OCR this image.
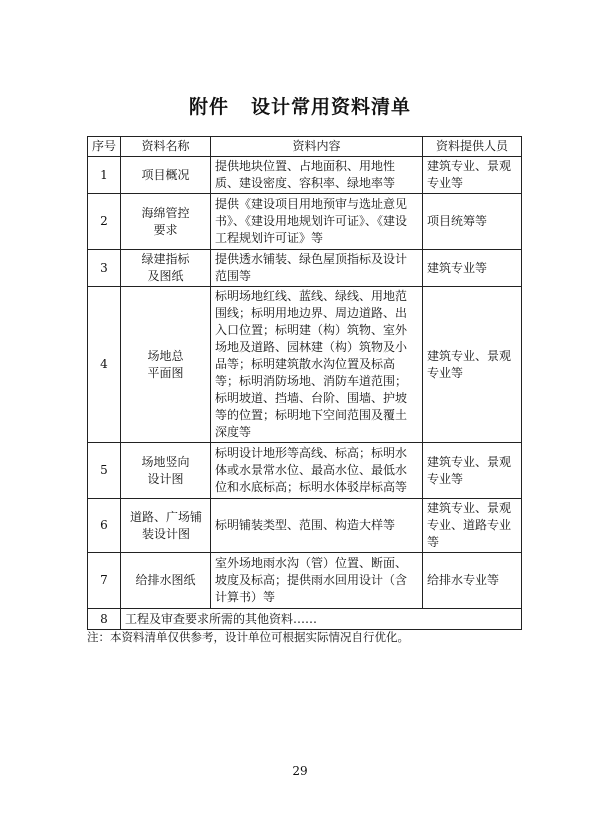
附件 设计常用资料清单
序号	资料名称	资料内容	资料提供人员
1	项目概况	提供地块位置、占地面积、用地性质、建设密度、容积率、绿地率等	建筑专业、景观专业等
2	海绵管控要求	提供《建设项目用地预审与选址意见书》、《建设用地规划许可证》、《建设工程规划许可证》等	项目统筹等
3	绿建指标及图纸	提供透水铺装、绿色屋顶指标及设计范围等	建筑专业等
4	场地总平面图	标明场地红线、蓝线、绿线、用地范围线；标明用地边界、周边道路、出入口位置；标明建（构）筑物、室外场地及道路、园林建（构）筑物及小品等；标明建筑散水沟位置及标高等；标明消防场地、消防车道范围；标明坡道、挡墙、台阶、围墙、护坡等的位置；标明地下空间范围及覆土深度等	建筑专业、景观专业等
5	场地竖向设计图	标明设计地形等高线、标高；标明水体或水景常水位、最高水位、最低水位和水底标高；标明水体驳岸标高等	建筑专业、景观专业等
6	道路、广场铺装设计图	标明铺装类型、范围、构造大样等	建筑专业、景观专业、道路专业等
7	给排水图纸	室外场地雨水沟（管）位置、断面、坡度及标高；提供雨水回用设计（含计算书）等	给排水专业等
8	工程及审查要求所需的其他资料……		
注：本资料清单仅供参考，设计单位可根据实际情况自行优化。
29
